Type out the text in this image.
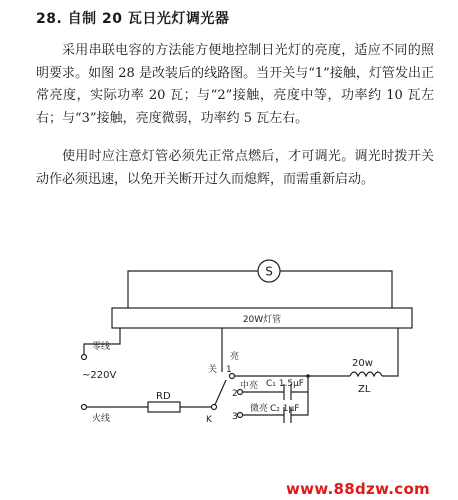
28. 自制 20 瓦日光灯调光器

采用串联电容的方法能方便地控制日光灯的亮度，适应不同的照明要求。如图 28 是改装后的线路图。当开关与“1”接触，灯管发出正常亮度，实际功率 20 瓦；与“2”接触，亮度中等，功率约 10 瓦左右；与“3”接触，亮度微弱，功率约 5 瓦左右。

使用时应注意灯管必须先正常点燃后，才可调光。调光时拨开关动作必须迅速，以免开关断开过久而熄辉，而需重新启动。

S
20W灯管
零线
~220V
火线
RD
关
K
亮
1
中亮
2
3
微亮
C₁ 1.5μF
C₂ 1μF
20w
ZL

www.88dzw.com
